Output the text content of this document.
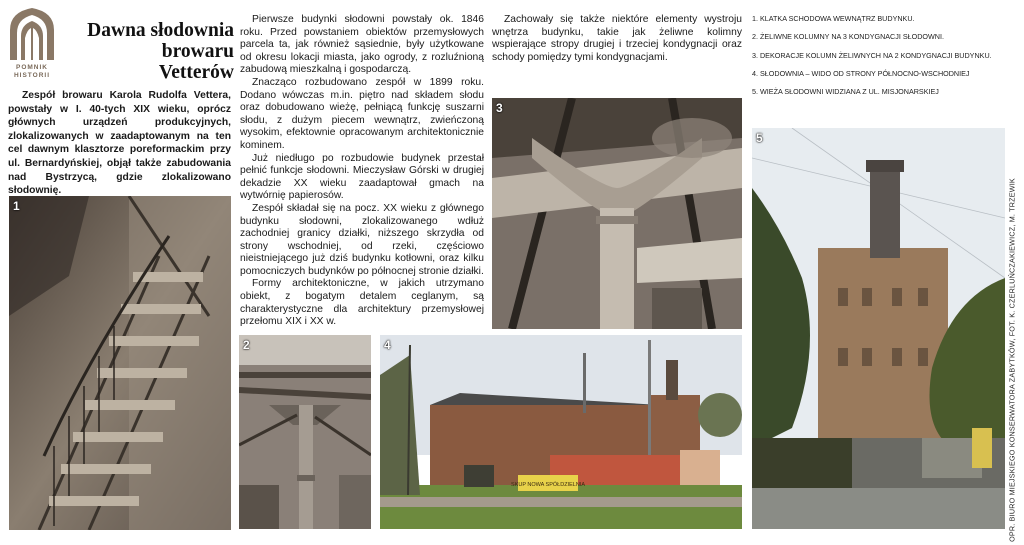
POMNIK
HISTORII
Dawna słodownia
browaru Vetterów

Zespół browaru Karola Rudolfa Vettera, powstały w I. 40-tych XIX wieku, oprócz głównych urządzeń produkcyjnych, zlokalizowanych w zaadaptowanym na ten cel dawnym klasztorze poreformackim przy ul. Bernardyńskiej, objął także zabudowania nad Bystrzycą, gdzie zlokalizowano słodownię.

Pierwsze budynki słodowni powstały ok. 1846 roku. Przed powstaniem obiektów przemysłowych parcela ta, jak również sąsiednie, były użytkowane od okresu lokacji miasta, jako ogrody, z rozluźnioną zabudową mieszkalną i gospodarczą.

Znacząco rozbudowano zespół w 1899 roku. Dodano wówczas m.in. piętro nad składem słodu oraz dobudowano wieżę, pełniącą funkcję suszarni słodu, z dużym piecem wewnątrz, zwieńczoną wysokim, efektownie opracowanym architektonicznie kominem.

Już niedługo po rozbudowie budynek przestał pełnić funkcje słodowni. Mieczysław Górski w drugiej dekadzie XX wieku zaadaptował gmach na wytwórnię papierosów.

Zespół składał się na pocz. XX wieku z głównego budynku słodowni, zlokalizowanego wdłuż zachodniej granicy działki, niższego skrzydła od strony wschodniej, od rzeki, częściowo nieistniejącego już dziś budynku kotłowni, oraz kilku pomocniczych budynków po północnej stronie działki.

Formy architektoniczne, w jakich utrzymano obiekt, z bogatym detalem ceglanym, są charakterystyczne dla architektury przemysłowej przełomu XIX i XX w.

Zachowały się także niektóre elementy wystroju wnętrza budynku, takie jak żeliwne kolimny wspierające stropy drugiej i trzeciej kondygnacji oraz schody pomiędzy tymi kondygnacjami.

1. KLATKA SCHODOWA WEWNĄTRZ BUDYNKU.
2. ŻELIWNE KOLUMNY NA 3 KONDYGNACJI SŁODOWNI.
3. DEKORACJE KOLUMN ŻELIWNYCH NA 2 KONDYGNACJI BUDYNKU.
4. SŁODOWNIA – WIDO OD STRONY PÓŁNOCNO-WSCHODNIEJ
5. WIEŻA SŁODOWNI WIDZIANA Z UL. MISJONARSKIEJ
OPR. BIURO MIEJSKIEGO KONSERWATORA ZABYTKÓW, FOT. K. CZERLUŃCZAKIEWICZ, M. TRZEWIK
1
2
3
SKUP NOWA SPÓŁDZIELNIA
4
5
